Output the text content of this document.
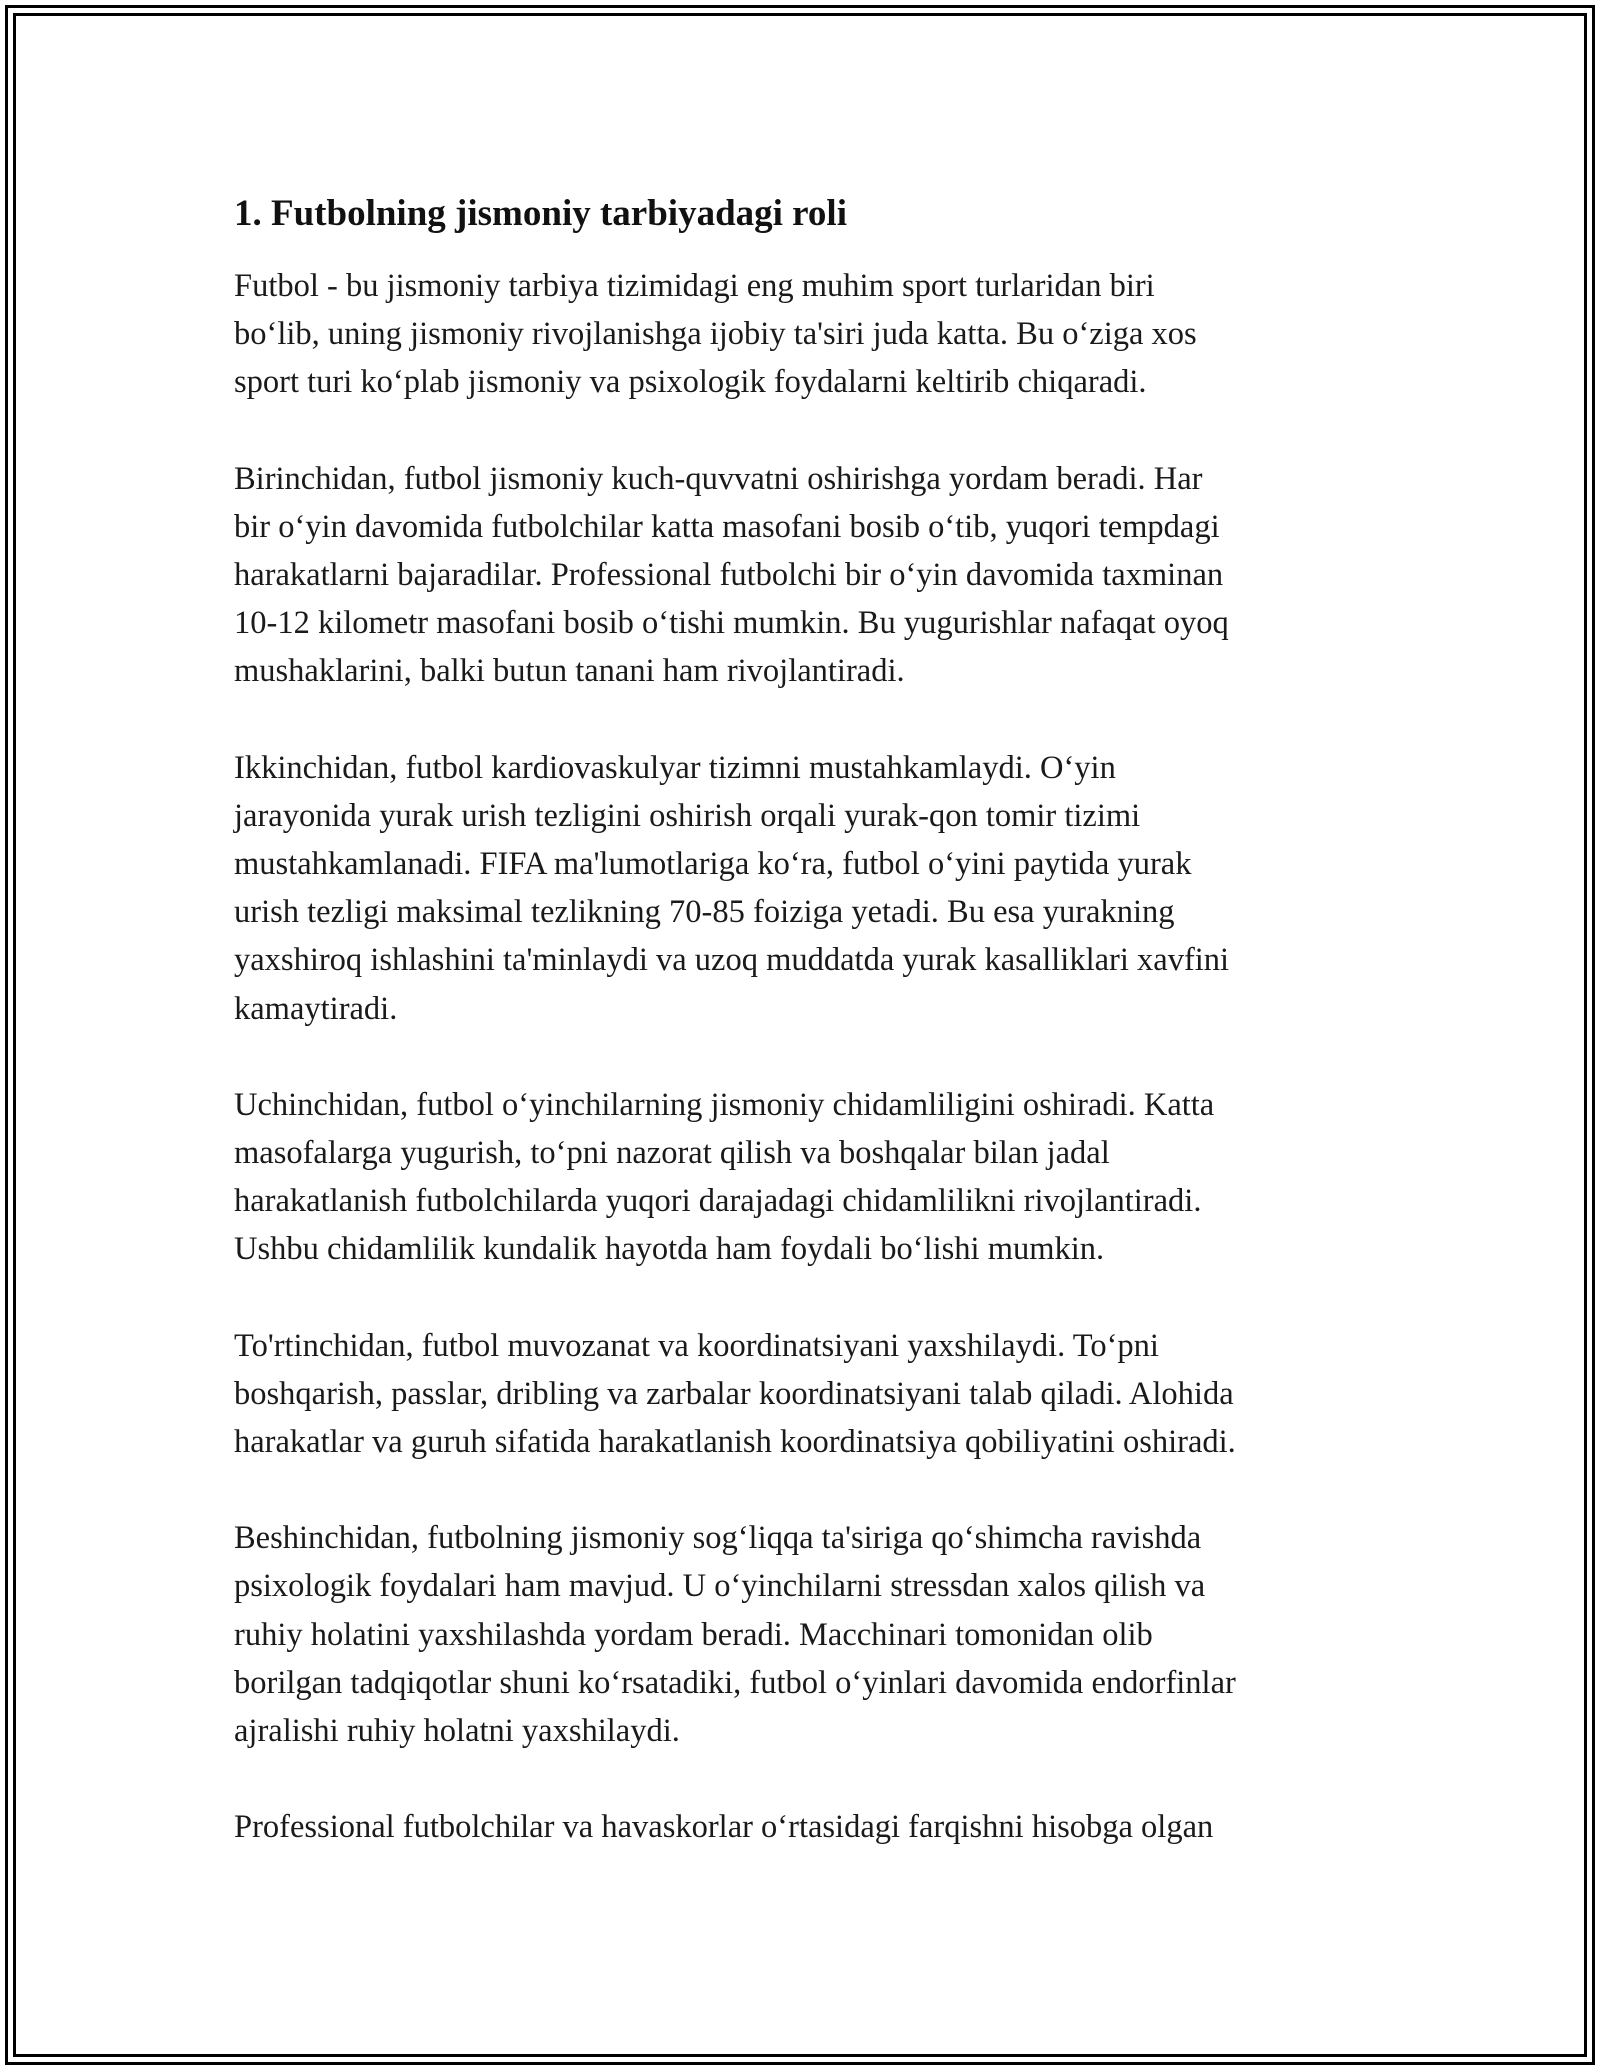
1. Futbolning jismoniy tarbiyadagi roli

Futbol - bu jismoniy tarbiya tizimidagi eng muhim sport turlaridan biri
bo‘lib, uning jismoniy rivojlanishga ijobiy ta'siri juda katta. Bu o‘ziga xos
sport turi ko‘plab jismoniy va psixologik foydalarni keltirib chiqaradi.

Birinchidan, futbol jismoniy kuch-quvvatni oshirishga yordam beradi. Har
bir o‘yin davomida futbolchilar katta masofani bosib o‘tib, yuqori tempdagi
harakatlarni bajaradilar. Professional futbolchi bir o‘yin davomida taxminan
10-12 kilometr masofani bosib o‘tishi mumkin. Bu yugurishlar nafaqat oyoq
mushaklarini, balki butun tanani ham rivojlantiradi.

Ikkinchidan, futbol kardiovaskulyar tizimni mustahkamlaydi. O‘yin
jarayonida yurak urish tezligini oshirish orqali yurak-qon tomir tizimi
mustahkamlanadi. FIFA ma'lumotlariga ko‘ra, futbol o‘yini paytida yurak
urish tezligi maksimal tezlikning 70-85 foiziga yetadi. Bu esa yurakning
yaxshiroq ishlashini ta'minlaydi va uzoq muddatda yurak kasalliklari xavfini
kamaytiradi.

Uchinchidan, futbol o‘yinchilarning jismoniy chidamliligini oshiradi. Katta
masofalarga yugurish, to‘pni nazorat qilish va boshqalar bilan jadal
harakatlanish futbolchilarda yuqori darajadagi chidamlilikni rivojlantiradi.
Ushbu chidamlilik kundalik hayotda ham foydali bo‘lishi mumkin.

To'rtinchidan, futbol muvozanat va koordinatsiyani yaxshilaydi. To‘pni
boshqarish, passlar, dribling va zarbalar koordinatsiyani talab qiladi. Alohida
harakatlar va guruh sifatida harakatlanish koordinatsiya qobiliyatini oshiradi.

Beshinchidan, futbolning jismoniy sog‘liqqa ta'siriga qo‘shimcha ravishda
psixologik foydalari ham mavjud. U o‘yinchilarni stressdan xalos qilish va
ruhiy holatini yaxshilashda yordam beradi. Macchinari tomonidan olib
borilgan tadqiqotlar shuni ko‘rsatadiki, futbol o‘yinlari davomida endorfinlar
ajralishi ruhiy holatni yaxshilaydi.

Professional futbolchilar va havaskorlar o‘rtasidagi farqishni hisobga olgan
